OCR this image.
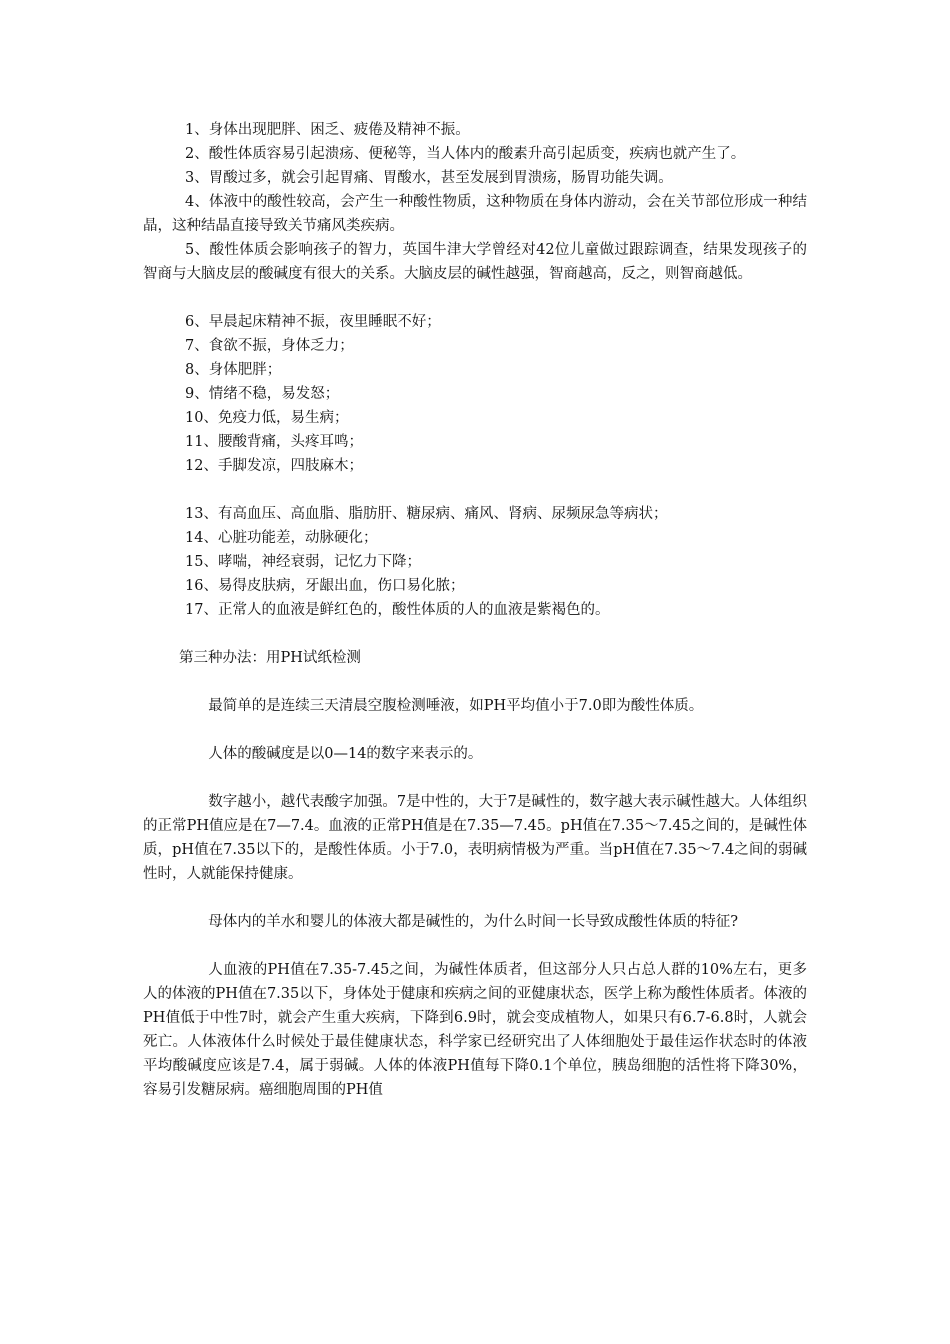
1、身体出现肥胖、困乏、疲倦及精神不振。

2、酸性体质容易引起溃疡、便秘等，当人体内的酸素升高引起质变，疾病也就产生了。

3、胃酸过多，就会引起胃痛、胃酸水，甚至发展到胃溃疡，肠胃功能失调。

4、体液中的酸性较高，会产生一种酸性物质，这种物质在身体内游动，会在关节部位形成一种结晶，这种结晶直接导致关节痛风类疾病。

5、酸性体质会影响孩子的智力，英国牛津大学曾经对42位儿童做过跟踪调查，结果发现孩子的智商与大脑皮层的酸碱度有很大的关系。大脑皮层的碱性越强，智商越高，反之，则智商越低。

6、早晨起床精神不振，夜里睡眠不好；

7、食欲不振，身体乏力；

8、身体肥胖；

9、情绪不稳，易发怒；

10、免疫力低，易生病；

11、腰酸背痛，头疼耳鸣；

12、手脚发凉，四肢麻木；

13、有高血压、高血脂、脂肪肝、糖尿病、痛风、肾病、尿频尿急等病状；

14、心脏功能差，动脉硬化；

15、哮喘，神经衰弱，记忆力下降；

16、易得皮肤病，牙龈出血，伤口易化脓；

17、正常人的血液是鲜红色的，酸性体质的人的血液是紫褐色的。

第三种办法：用PH试纸检测

最简单的是连续三天清晨空腹检测唾液，如PH平均值小于7.0即为酸性体质。

人体的酸碱度是以0—14的数字来表示的。

数字越小，越代表酸字加强。7是中性的，大于7是碱性的，数字越大表示碱性越大。人体组织的正常PH值应是在7—7.4。血液的正常PH值是在7.35—7.45。pH值在7.35～7.45之间的，是碱性体质，pH值在7.35以下的，是酸性体质。小于7.0，表明病情极为严重。当pH值在7.35～7.4之间的弱碱性时，人就能保持健康。

母体内的羊水和婴儿的体液大都是碱性的，为什么时间一长导致成酸性体质的特征?

人血液的PH值在7.35-7.45之间，为碱性体质者，但这部分人只占总人群的10%左右，更多人的体液的PH值在7.35以下，身体处于健康和疾病之间的亚健康状态，医学上称为酸性体质者。体液的PH值低于中性7时，就会产生重大疾病，下降到6.9时，就会变成植物人，如果只有6.7-6.8时，人就会死亡。人体液体什么时候处于最佳健康状态，科学家已经研究出了人体细胞处于最佳运作状态时的体液平均酸碱度应该是7.4，属于弱碱。人体的体液PH值每下降0.1个单位，胰岛细胞的活性将下降30%，容易引发糖尿病。癌细胞周围的PH值
